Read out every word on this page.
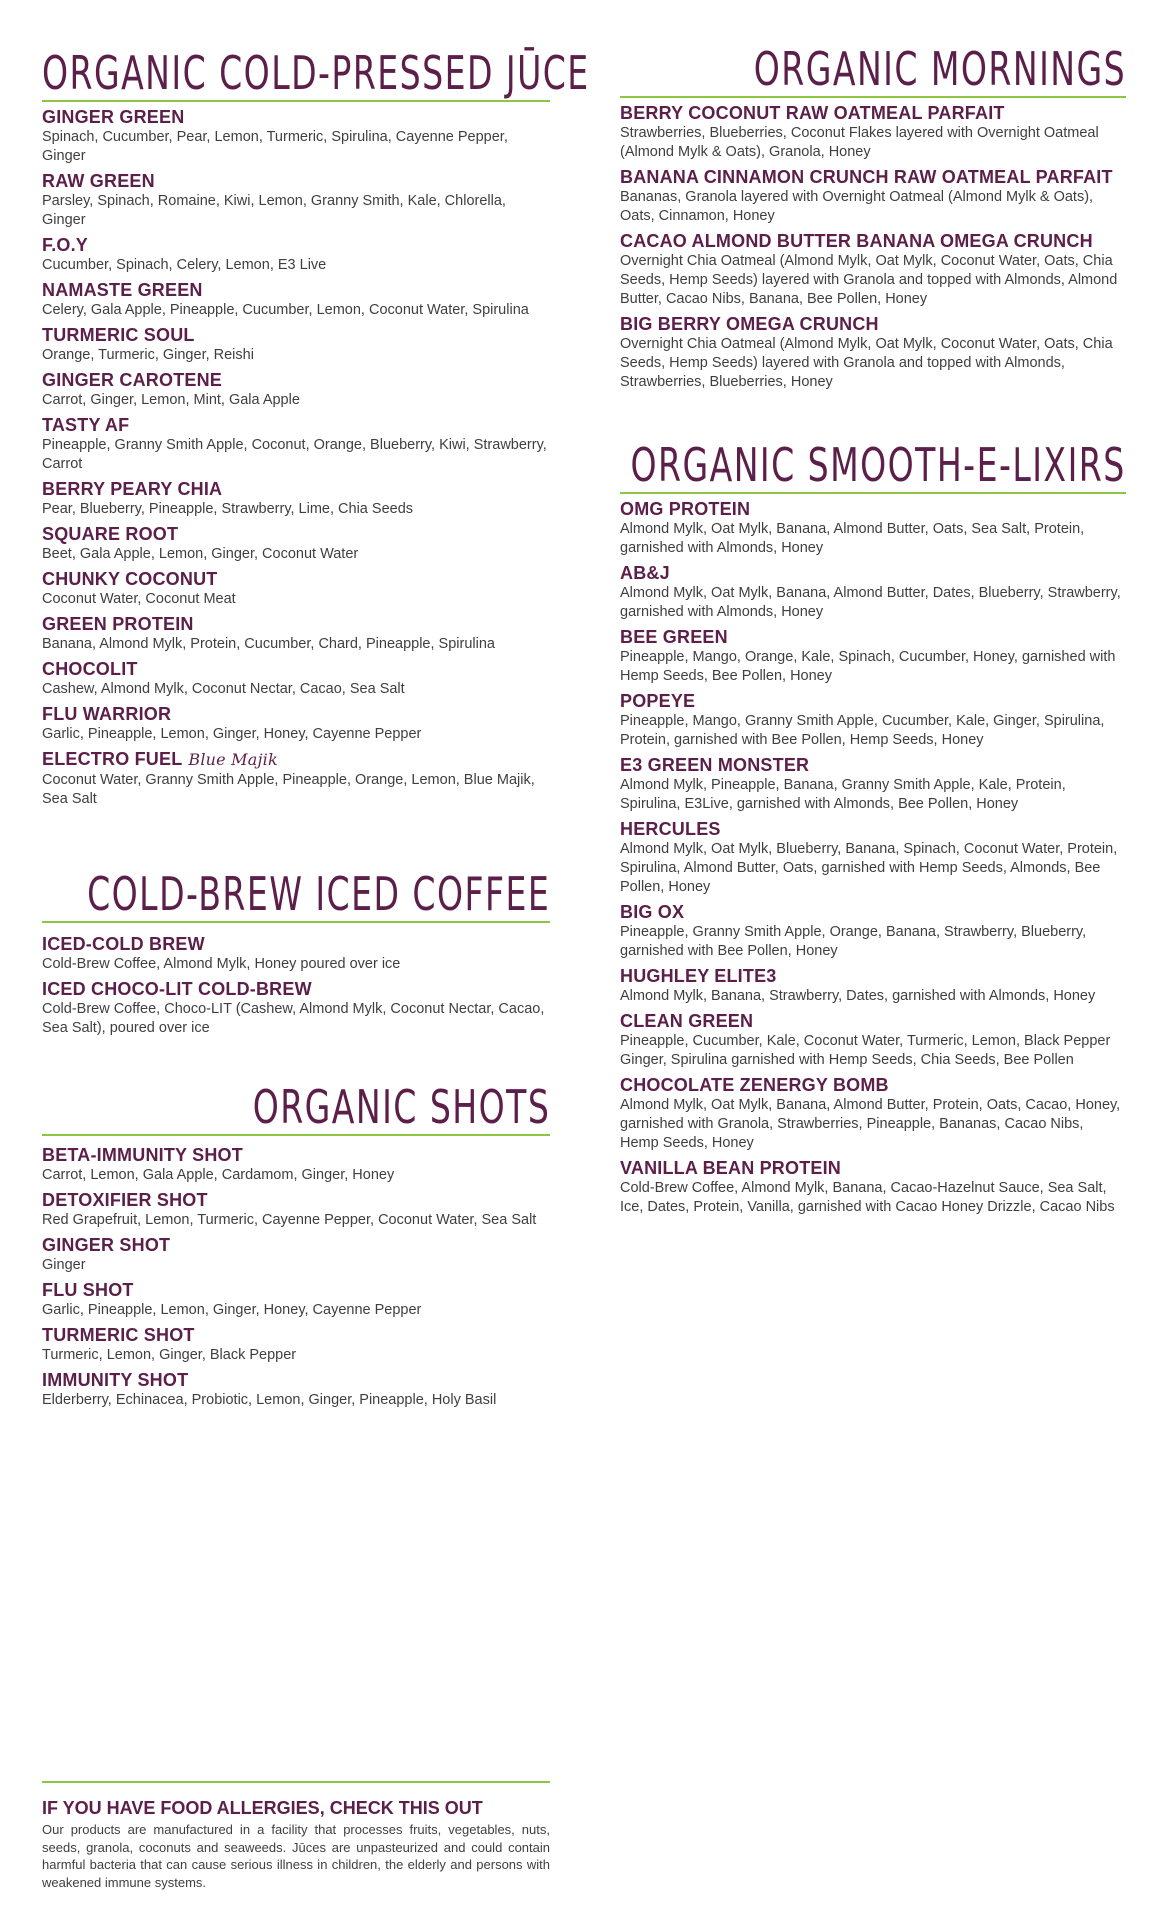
ORGANIC COLD-PRESSED JŪCE
GINGER GREEN
Spinach, Cucumber, Pear, Lemon, Turmeric, Spirulina, Cayenne Pepper, Ginger
RAW GREEN
Parsley, Spinach, Romaine, Kiwi, Lemon, Granny Smith, Kale, Chlorella, Ginger
F.O.Y
Cucumber, Spinach, Celery, Lemon, E3 Live
NAMASTE GREEN
Celery, Gala Apple, Pineapple, Cucumber, Lemon, Coconut Water, Spirulina
TURMERIC SOUL
Orange, Turmeric, Ginger, Reishi
GINGER CAROTENE
Carrot, Ginger, Lemon, Mint, Gala Apple
TASTY AF
Pineapple, Granny Smith Apple, Coconut, Orange, Blueberry, Kiwi, Strawberry, Carrot
BERRY PEARY CHIA
Pear, Blueberry, Pineapple, Strawberry, Lime, Chia Seeds
SQUARE ROOT
Beet, Gala Apple, Lemon, Ginger, Coconut Water
CHUNKY COCONUT
Coconut Water, Coconut Meat
GREEN PROTEIN
Banana, Almond Mylk, Protein, Cucumber, Chard, Pineapple, Spirulina
CHOCOLIT
Cashew, Almond Mylk, Coconut Nectar, Cacao, Sea Salt
FLU WARRIOR
Garlic, Pineapple, Lemon, Ginger, Honey, Cayenne Pepper
ELECTRO FUEL Blue Majik
Coconut Water, Granny Smith Apple, Pineapple, Orange, Lemon, Blue Majik, Sea Salt
COLD-BREW ICED COFFEE
ICED-COLD BREW
Cold-Brew Coffee, Almond Mylk, Honey poured over ice
ICED CHOCO-LIT COLD-BREW
Cold-Brew Coffee, Choco-LIT (Cashew, Almond Mylk, Coconut Nectar, Cacao, Sea Salt), poured over ice
ORGANIC SHOTS
BETA-IMMUNITY SHOT
Carrot, Lemon, Gala Apple, Cardamom, Ginger, Honey
DETOXIFIER SHOT
Red Grapefruit, Lemon, Turmeric, Cayenne Pepper, Coconut Water, Sea Salt
GINGER SHOT
Ginger
FLU SHOT
Garlic, Pineapple, Lemon, Ginger, Honey, Cayenne Pepper
TURMERIC SHOT
Turmeric, Lemon, Ginger, Black Pepper
IMMUNITY SHOT
Elderberry, Echinacea, Probiotic, Lemon, Ginger, Pineapple, Holy Basil
ORGANIC MORNINGS
BERRY COCONUT RAW OATMEAL PARFAIT
Strawberries, Blueberries, Coconut Flakes layered with Overnight Oatmeal (Almond Mylk & Oats), Granola, Honey
BANANA CINNAMON CRUNCH RAW OATMEAL PARFAIT
Bananas, Granola layered with Overnight Oatmeal (Almond Mylk & Oats), Oats, Cinnamon, Honey
CACAO ALMOND BUTTER BANANA OMEGA CRUNCH
Overnight Chia Oatmeal (Almond Mylk, Oat Mylk, Coconut Water, Oats, Chia Seeds, Hemp Seeds) layered with Granola and topped with Almonds, Almond Butter, Cacao Nibs, Banana, Bee Pollen, Honey
BIG BERRY OMEGA CRUNCH
Overnight Chia Oatmeal (Almond Mylk, Oat Mylk, Coconut Water, Oats, Chia Seeds, Hemp Seeds) layered with Granola and topped with Almonds, Strawberries, Blueberries, Honey
ORGANIC SMOOTH-E-LIXIRS
OMG PROTEIN
Almond Mylk, Oat Mylk, Banana, Almond Butter, Oats, Sea Salt, Protein, garnished with Almonds, Honey
AB&J
Almond Mylk, Oat Mylk, Banana, Almond Butter, Dates, Blueberry, Strawberry, garnished with Almonds, Honey
BEE GREEN
Pineapple, Mango, Orange, Kale, Spinach, Cucumber, Honey, garnished with Hemp Seeds, Bee Pollen, Honey
POPEYE
Pineapple, Mango, Granny Smith Apple, Cucumber, Kale, Ginger, Spirulina, Protein, garnished with Bee Pollen, Hemp Seeds, Honey
E3 GREEN MONSTER
Almond Mylk, Pineapple, Banana, Granny Smith Apple, Kale, Protein, Spirulina, E3Live, garnished with Almonds, Bee Pollen, Honey
HERCULES
Almond Mylk, Oat Mylk, Blueberry, Banana, Spinach, Coconut Water, Protein, Spirulina, Almond Butter, Oats, garnished with Hemp Seeds, Almonds, Bee Pollen, Honey
BIG OX
Pineapple, Granny Smith Apple, Orange, Banana, Strawberry, Blueberry, garnished with Bee Pollen, Honey
HUGHLEY ELITE3
Almond Mylk, Banana, Strawberry, Dates, garnished with Almonds, Honey
CLEAN GREEN
Pineapple, Cucumber, Kale, Coconut Water, Turmeric, Lemon, Black Pepper Ginger, Spirulina garnished with Hemp Seeds, Chia Seeds, Bee Pollen
CHOCOLATE ZENERGY BOMB
Almond Mylk, Oat Mylk, Banana, Almond Butter, Protein, Oats, Cacao, Honey, garnished with Granola, Strawberries, Pineapple, Bananas, Cacao Nibs, Hemp Seeds, Honey
VANILLA BEAN PROTEIN
Cold-Brew Coffee, Almond Mylk, Banana, Cacao-Hazelnut Sauce, Sea Salt, Ice, Dates, Protein, Vanilla, garnished with Cacao Honey Drizzle, Cacao Nibs
IF YOU HAVE FOOD ALLERGIES, CHECK THIS OUT
Our products are manufactured in a facility that processes fruits, vegetables, nuts, seeds, granola, coconuts and seaweeds. Jūces are unpasteurized and could contain harmful bacteria that can cause serious illness in children, the elderly and persons with weakened immune systems.
